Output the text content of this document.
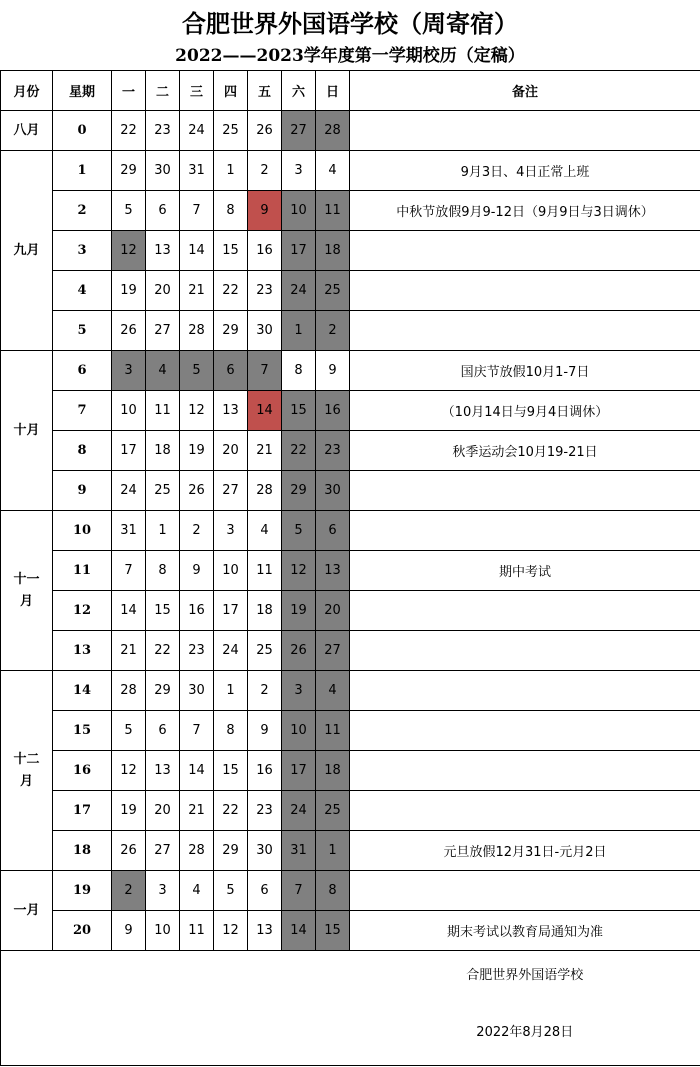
合肥世界外国语学校（周寄宿）
2022——2023学年度第一学期校历（定稿）
月份	星期	一	二	三	四	五	六	日	备注
八月	0	22	23	24	25	26	27	28	
九月	1	29	30	31	1	2	3	4	9月3日、4日正常上班
	2	5	6	7	8	9	10	11	中秋节放假9月9-12日（9月9日与3日调休）
	3	12	13	14	15	16	17	18	
	4	19	20	21	22	23	24	25	
	5	26	27	28	29	30	1	2	
十月	6	3	4	5	6	7	8	9	国庆节放假10月1-7日
	7	10	11	12	13	14	15	16	（10月14日与9月4日调休）
	8	17	18	19	20	21	22	23	秋季运动会10月19-21日
	9	24	25	26	27	28	29	30	
十一月	10	31	1	2	3	4	5	6	
	11	7	8	9	10	11	12	13	期中考试
	12	14	15	16	17	18	19	20	
	13	21	22	23	24	25	26	27	
十二月	14	28	29	30	1	2	3	4	
	15	5	6	7	8	9	10	11	
	16	12	13	14	15	16	17	18	
	17	19	20	21	22	23	24	25	
	18	26	27	28	29	30	31	1	元旦放假12月31日-元月2日
一月	19	2	3	4	5	6	7	8	
	20	9	10	11	12	13	14	15	期末考试以教育局通知为准
									合肥世界外国语学校
									2022年8月28日
